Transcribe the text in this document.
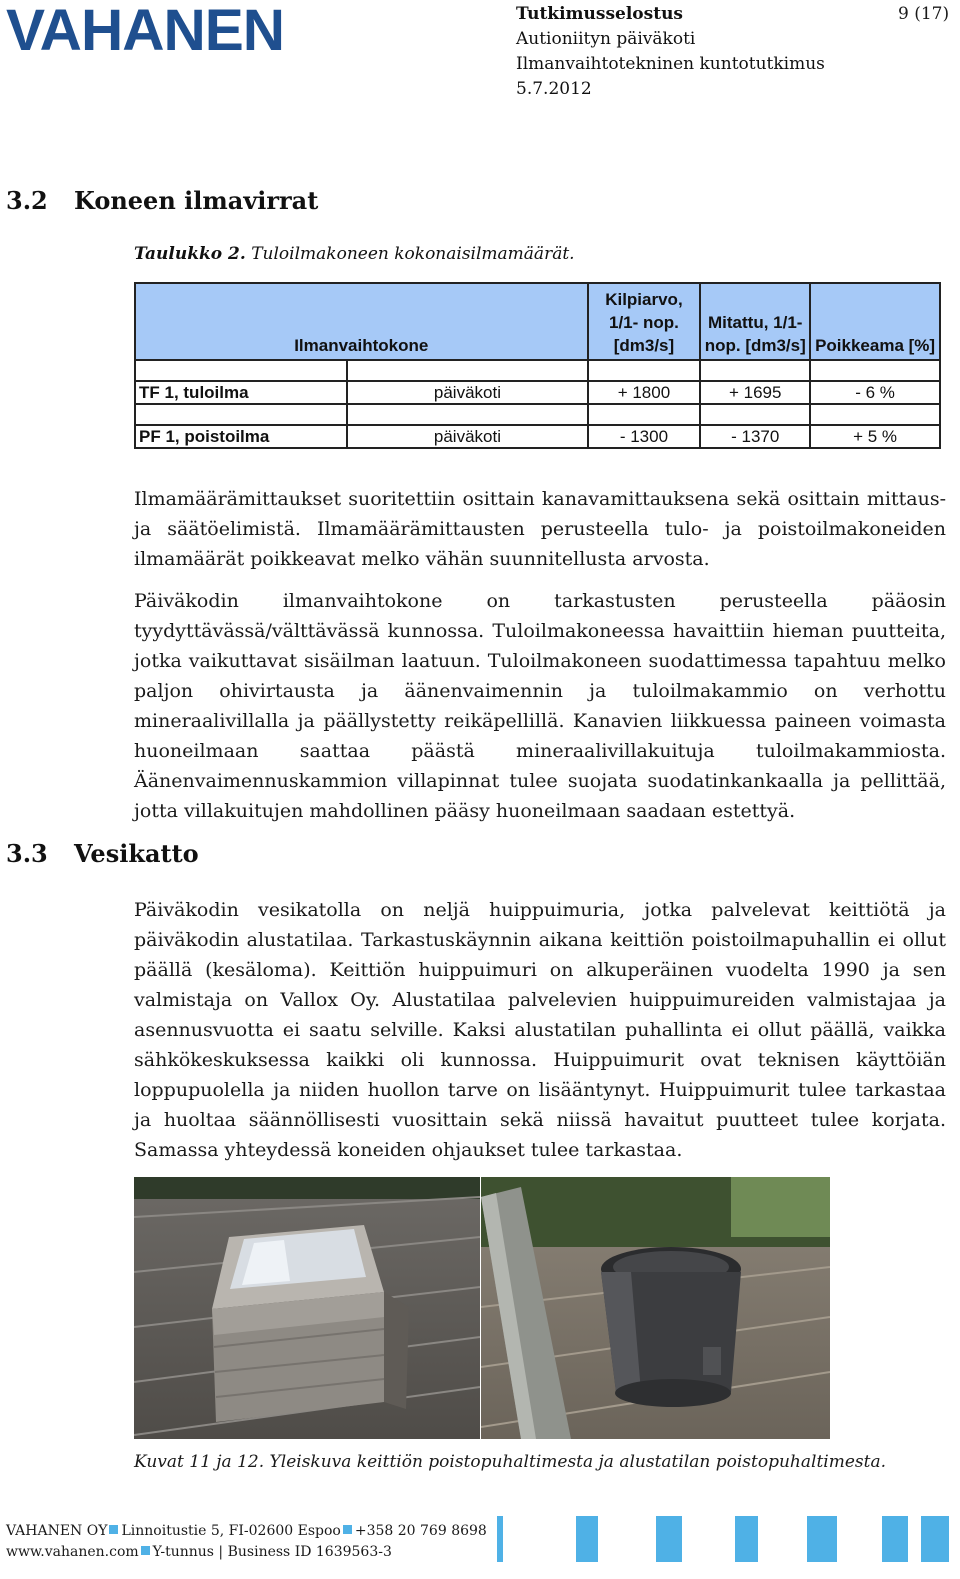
VAHANEN	Tutkimusselostus
Autioniityn päiväkoti
Ilmanvaihtotekninen kuntotutkimus
5.7.2012
9 (17)
3.2 Koneen ilmavirrat
Taulukko 2. Tuloilmakoneen kokonaisilmamäärät.
Ilmanvaihtokone		Kilpiarvo, 1/1- nop. [dm3/s]	Mitattu, 1/1- nop. [dm3/s]	Poikkeama [%]

TF 1, tuloilma	päiväkoti	+ 1800	+ 1695	- 6 %

PF 1, poistoilma	päiväkoti	- 1300	- 1370	+ 5 %
Ilmamäärämittaukset suoritettiin osittain kanavamittauksena sekä osittain mittaus- ja säätöelimistä. Ilmamäärämittausten perusteella tulo- ja poistoilmakoneiden ilmamäärät poikkeavat melko vähän suunnitellusta arvosta.
Päiväkodin ilmanvaihtokone on tarkastusten perusteella pääosin tyydyttävässä/välttävässä kunnossa. Tuloilmakoneessa havaittiin hieman puutteita, jotka vaikuttavat sisäilman laatuun. Tuloilmakoneen suodattimessa tapahtuu melko paljon ohivirtausta ja äänenvaimennin ja tuloilmakammio on verhottu mineraalivillalla ja päällystetty reikäpellillä. Kanavien liikkuessa paineen voimasta huoneilmaan saattaa päästä mineraalivillakuituja tuloilmakammiosta. Äänenvaimennuskammion villapinnat tulee suojata suodatinkankaalla ja pellittää, jotta villakuitujen mahdollinen pääsy huoneilmaan saadaan estettyä.
3.3 Vesikatto
Päiväkodin vesikatolla on neljä huippuimuria, jotka palvelevat keittiötä ja päiväkodin alustatilaa. Tarkastuskäynnin aikana keittiön poistoilmapuhallin ei ollut päällä (kesäloma). Keittiön huippuimuri on alkuperäinen vuodelta 1990 ja sen valmistaja on Vallox Oy. Alustatilaa palvelevien huippuimureiden valmistajaa ja asennusvuotta ei saatu selville. Kaksi alustatilan puhallinta ei ollut päällä, vaikka sähkökeskuksessa kaikki oli kunnossa. Huippuimurit ovat teknisen käyttöiän loppupuolella ja niiden huollon tarve on lisääntynyt. Huippuimurit tulee tarkastaa ja huoltaa säännöllisesti vuosittain sekä niissä havaitut puutteet tulee korjata. Samassa yhteydessä koneiden ohjaukset tulee tarkastaa.
Kuvat 11 ja 12. Yleiskuva keittiön poistopuhaltimesta ja alustatilan poistopuhaltimesta.
VAHANEN OY Linnoitustie 5, FI-02600 Espoo +358 20 769 8698
www.vahanen.com Y-tunnus | Business ID 1639563-3
